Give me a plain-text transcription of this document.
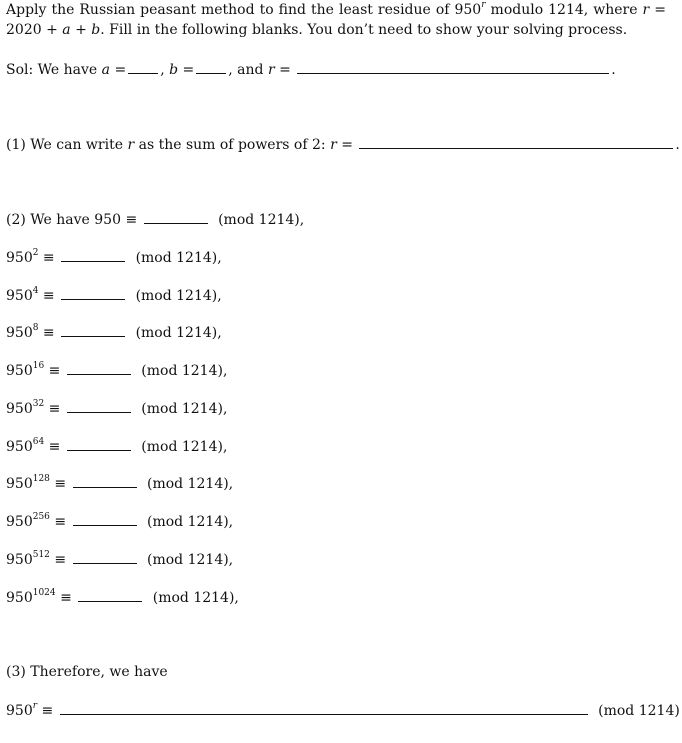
Apply the Russian peasant method to find the least residue of 950$^r$ modulo 1214, where r = 2020 + a + b. Fill in the following blanks. You don’t need to show your solving process.
Sol: We have a = , b = , and r =	.
(1) We can write r as the sum of powers of 2: r =	.
(2) We have 950 ≡	(mod 1214),
$950^2$ ≡	(mod 1214),
$950^4$ ≡	(mod 1214),
$950^8$ ≡	(mod 1214),
$950^{16}$ ≡	(mod 1214),
$950^{32}$ ≡	(mod 1214),
$950^{64}$ ≡	(mod 1214),
$950^{128}$ ≡	(mod 1214),
$950^{256}$ ≡	(mod 1214),
$950^{512}$ ≡	(mod 1214),
$950^{1024}$ ≡	(mod 1214),
(3) Therefore, we have
$950^r$ ≡	(mod 1214)
